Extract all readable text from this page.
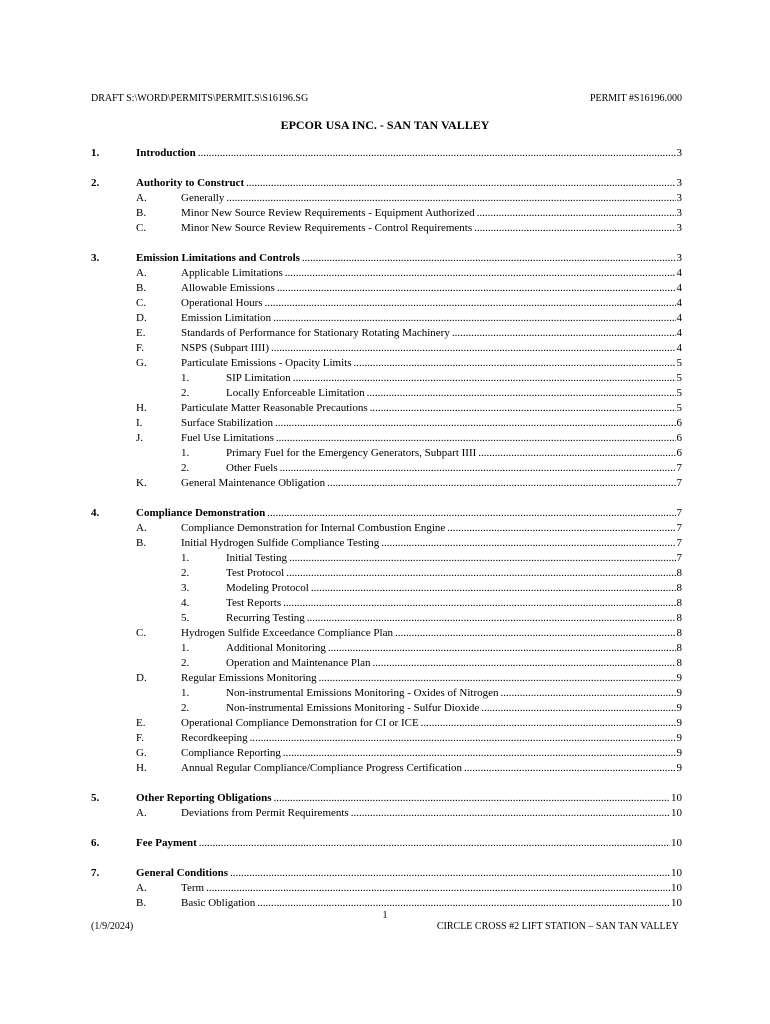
DRAFT S:\WORD\PERMITS\PERMIT.S\S16196.SG	PERMIT #S16196.000
EPCOR USA INC. - SAN TAN VALLEY
1.	Introduction .....	3
2.	Authority to Construct .....	3
A.	Generally .....	3
B.	Minor New Source Review Requirements - Equipment Authorized .....	3
C.	Minor New Source Review Requirements - Control Requirements .....	3
3.	Emission Limitations and Controls .....	3
A.	Applicable Limitations .....	4
B.	Allowable Emissions .....	4
C.	Operational Hours .....	4
D.	Emission Limitation .....	4
E.	Standards of Performance for Stationary Rotating Machinery .....	4
F.	NSPS (Subpart IIII) .....	4
G.	Particulate Emissions - Opacity Limits .....	5
1.	SIP Limitation .....	5
2.	Locally Enforceable Limitation .....	5
H.	Particulate Matter Reasonable Precautions .....	5
I.	Surface Stabilization .....	6
J.	Fuel Use Limitations .....	6
1.	Primary Fuel for the Emergency Generators, Subpart IIII .....	6
2.	Other Fuels .....	7
K.	General Maintenance Obligation .....	7
4.	Compliance Demonstration .....	7
A.	Compliance Demonstration for Internal Combustion Engine .....	7
B.	Initial Hydrogen Sulfide Compliance Testing .....	7
1.	Initial Testing .....	7
2.	Test Protocol .....	8
3.	Modeling Protocol .....	8
4.	Test Reports .....	8
5.	Recurring Testing .....	8
C.	Hydrogen Sulfide Exceedance Compliance Plan .....	8
1.	Additional Monitoring .....	8
2.	Operation and Maintenance Plan .....	8
D.	Regular Emissions Monitoring .....	9
1.	Non-instrumental Emissions Monitoring - Oxides of Nitrogen .....	9
2.	Non-instrumental Emissions Monitoring - Sulfur Dioxide .....	9
E.	Operational Compliance Demonstration for CI or ICE .....	9
F.	Recordkeeping .....	9
G.	Compliance Reporting .....	9
H.	Annual Regular Compliance/Compliance Progress Certification .....	9
5.	Other Reporting Obligations .....	10
A.	Deviations from Permit Requirements .....	10
6.	Fee Payment .....	10
7.	General Conditions .....	10
A.	Term .....	10
B.	Basic Obligation .....	10
1
(1/9/2024)	CIRCLE CROSS #2 LIFT STATION – SAN TAN VALLEY
